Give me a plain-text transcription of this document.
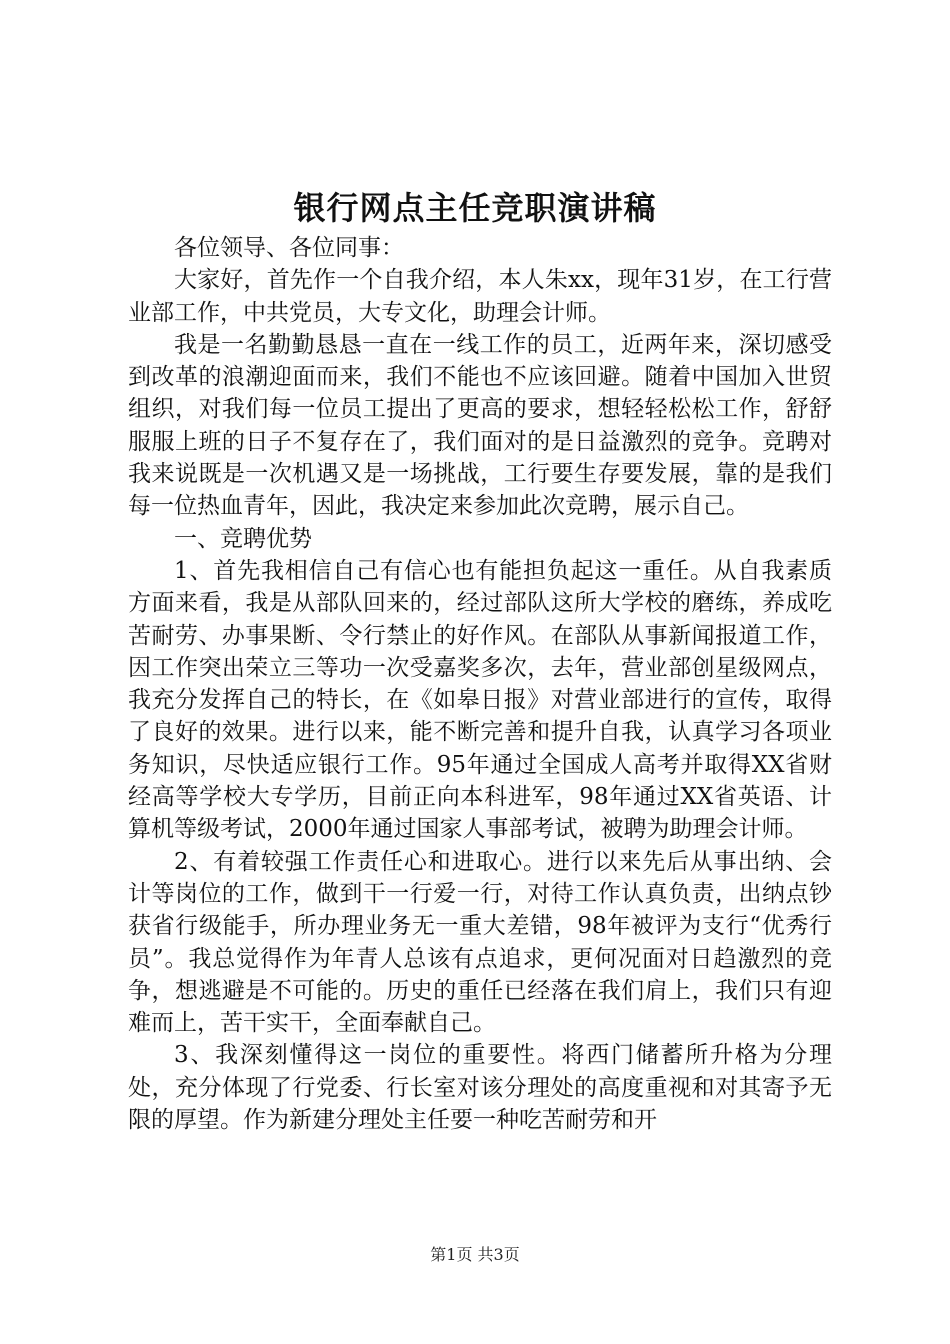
银行网点主任竞职演讲稿

各位领导、各位同事：

大家好，首先作一个自我介绍，本人朱xx，现年31岁，在工行营业部工作，中共党员，大专文化，助理会计师。

我是一名勤勤恳恳一直在一线工作的员工，近两年来，深切感受到改革的浪潮迎面而来，我们不能也不应该回避。随着中国加入世贸组织，对我们每一位员工提出了更高的要求，想轻轻松松工作，舒舒服服上班的日子不复存在了，我们面对的是日益激烈的竞争。竞聘对我来说既是一次机遇又是一场挑战，工行要生存要发展，靠的是我们每一位热血青年，因此，我决定来参加此次竞聘，展示自己。

一、竞聘优势

1、首先我相信自己有信心也有能担负起这一重任。从自我素质方面来看，我是从部队回来的，经过部队这所大学校的磨练，养成吃苦耐劳、办事果断、令行禁止的好作风。在部队从事新闻报道工作，因工作突出荣立三等功一次受嘉奖多次，去年，营业部创星级网点，我充分发挥自己的特长，在《如皋日报》对营业部进行的宣传，取得了良好的效果。进行以来，能不断完善和提升自我，认真学习各项业务知识，尽快适应银行工作。95年通过全国成人高考并取得XX省财经高等学校大专学历，目前正向本科进军，98年通过XX省英语、计算机等级考试，2000年通过国家人事部考试，被聘为助理会计师。

2、有着较强工作责任心和进取心。进行以来先后从事出纳、会计等岗位的工作，做到干一行爱一行，对待工作认真负责，出纳点钞获省行级能手，所办理业务无一重大差错，98年被评为支行“优秀行员”。我总觉得作为年青人总该有点追求，更何况面对日趋激烈的竞争，想逃避是不可能的。历史的重任已经落在我们肩上，我们只有迎难而上，苦干实干，全面奉献自己。

3、我深刻懂得这一岗位的重要性。将西门储蓄所升格为分理处，充分体现了行党委、行长室对该分理处的高度重视和对其寄予无限的厚望。作为新建分理处主任要一种吃苦耐劳和开

第1页 共3页
